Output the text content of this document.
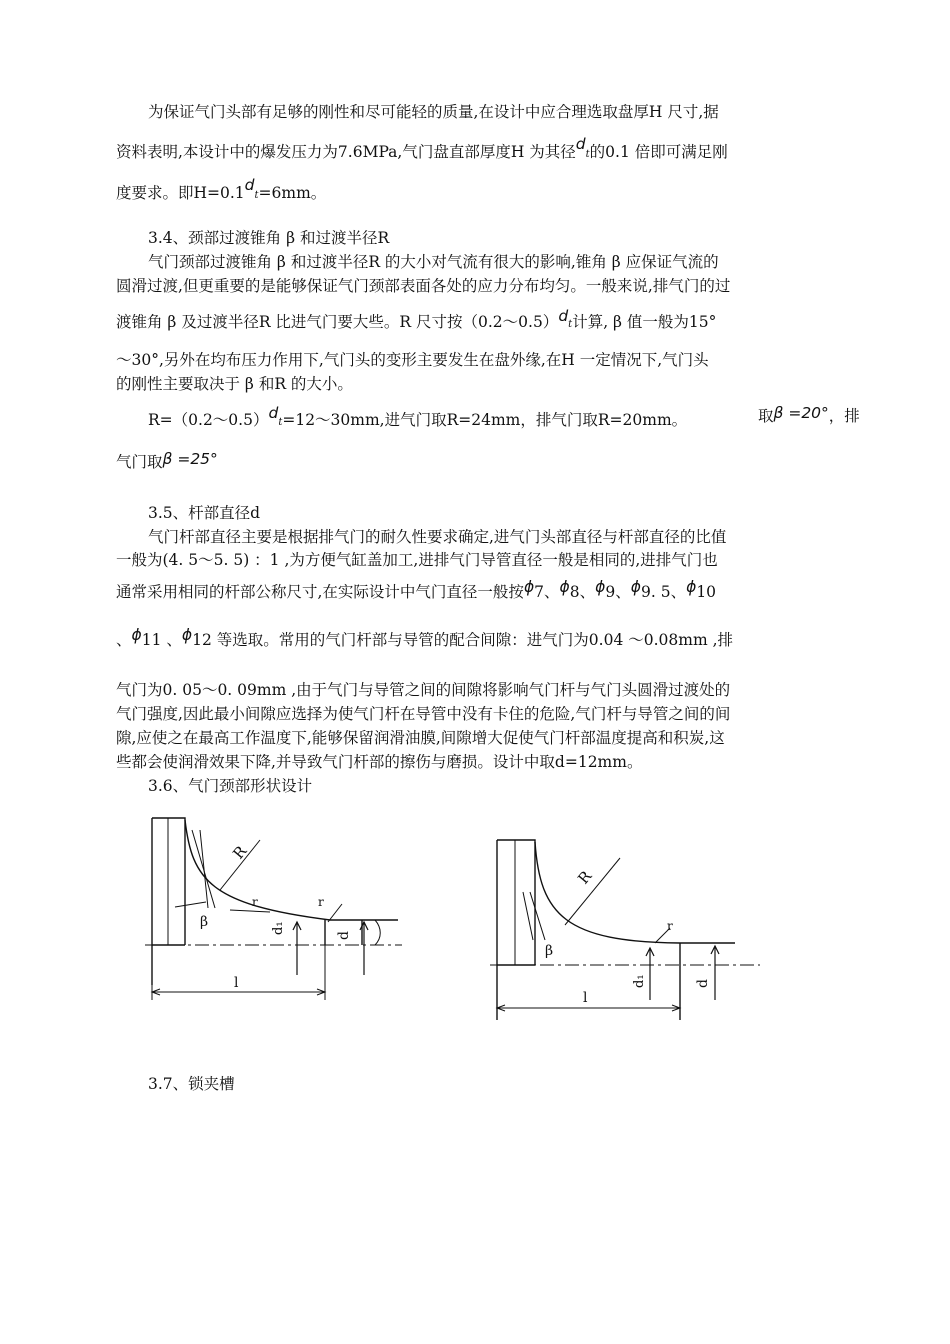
为保证气门头部有足够的刚性和尽可能轻的质量,在设计中应合理选取盘厚H 尺寸,据
资料表明,本设计中的爆发压力为7.6MPa,气门盘直部厚度H 为其径dt的0.1 倍即可满足刚
度要求。即H=0.1dt=6mm。
3.4、颈部过渡锥角 β 和过渡半径R
气门颈部过渡锥角 β 和过渡半径R 的大小对气流有很大的影响,锥角 β 应保证气流的
圆滑过渡,但更重要的是能够保证气门颈部表面各处的应力分布均匀。一般来说,排气门的过
渡锥角 β 及过渡半径R 比进气门要大些。R 尺寸按（0.2～0.5）dt计算, β 值一般为15°
～30°,另外在均布压力作用下,气门头的变形主要发生在盘外缘,在H 一定情况下,气门头
的刚性主要取决于 β 和R 的大小。
R=（0.2～0.5）dt=12～30mm,进气门取R=24mm，排气门取R=20mm。	取β =20°，排
气门取β =25°
3.5、杆部直径d
气门杆部直径主要是根据排气门的耐久性要求确定,进气门头部直径与杆部直径的比值
一般为(4. 5～5. 5) ：1 ,为方便气缸盖加工,进排气门导管直径一般是相同的,进排气门也
通常采用相同的杆部公称尺寸,在实际设计中气门直径一般按ϕ7、ϕ8、ϕ9、ϕ9. 5、ϕ10
、ϕ11 、ϕ12 等选取。常用的气门杆部与导管的配合间隙：进气门为0.04 ～0.08mm ,排
气门为0. 05～0. 09mm ,由于气门与导管之间的间隙将影响气门杆与气门头圆滑过渡处的
气门强度,因此最小间隙应选择为使气门杆在导管中没有卡住的危险,气门杆与导管之间的间
隙,应使之在最高工作温度下,能够保留润滑油膜,间隙增大促使气门杆部温度提高和积炭,这
些都会使润滑效果下降,并导致气门杆部的擦伤与磨损。设计中取d=12mm。
3.6、气门颈部形状设计
R
β
r	r
d₁
d
l
R
β
r
d₁	d
l
3.7、锁夹槽
